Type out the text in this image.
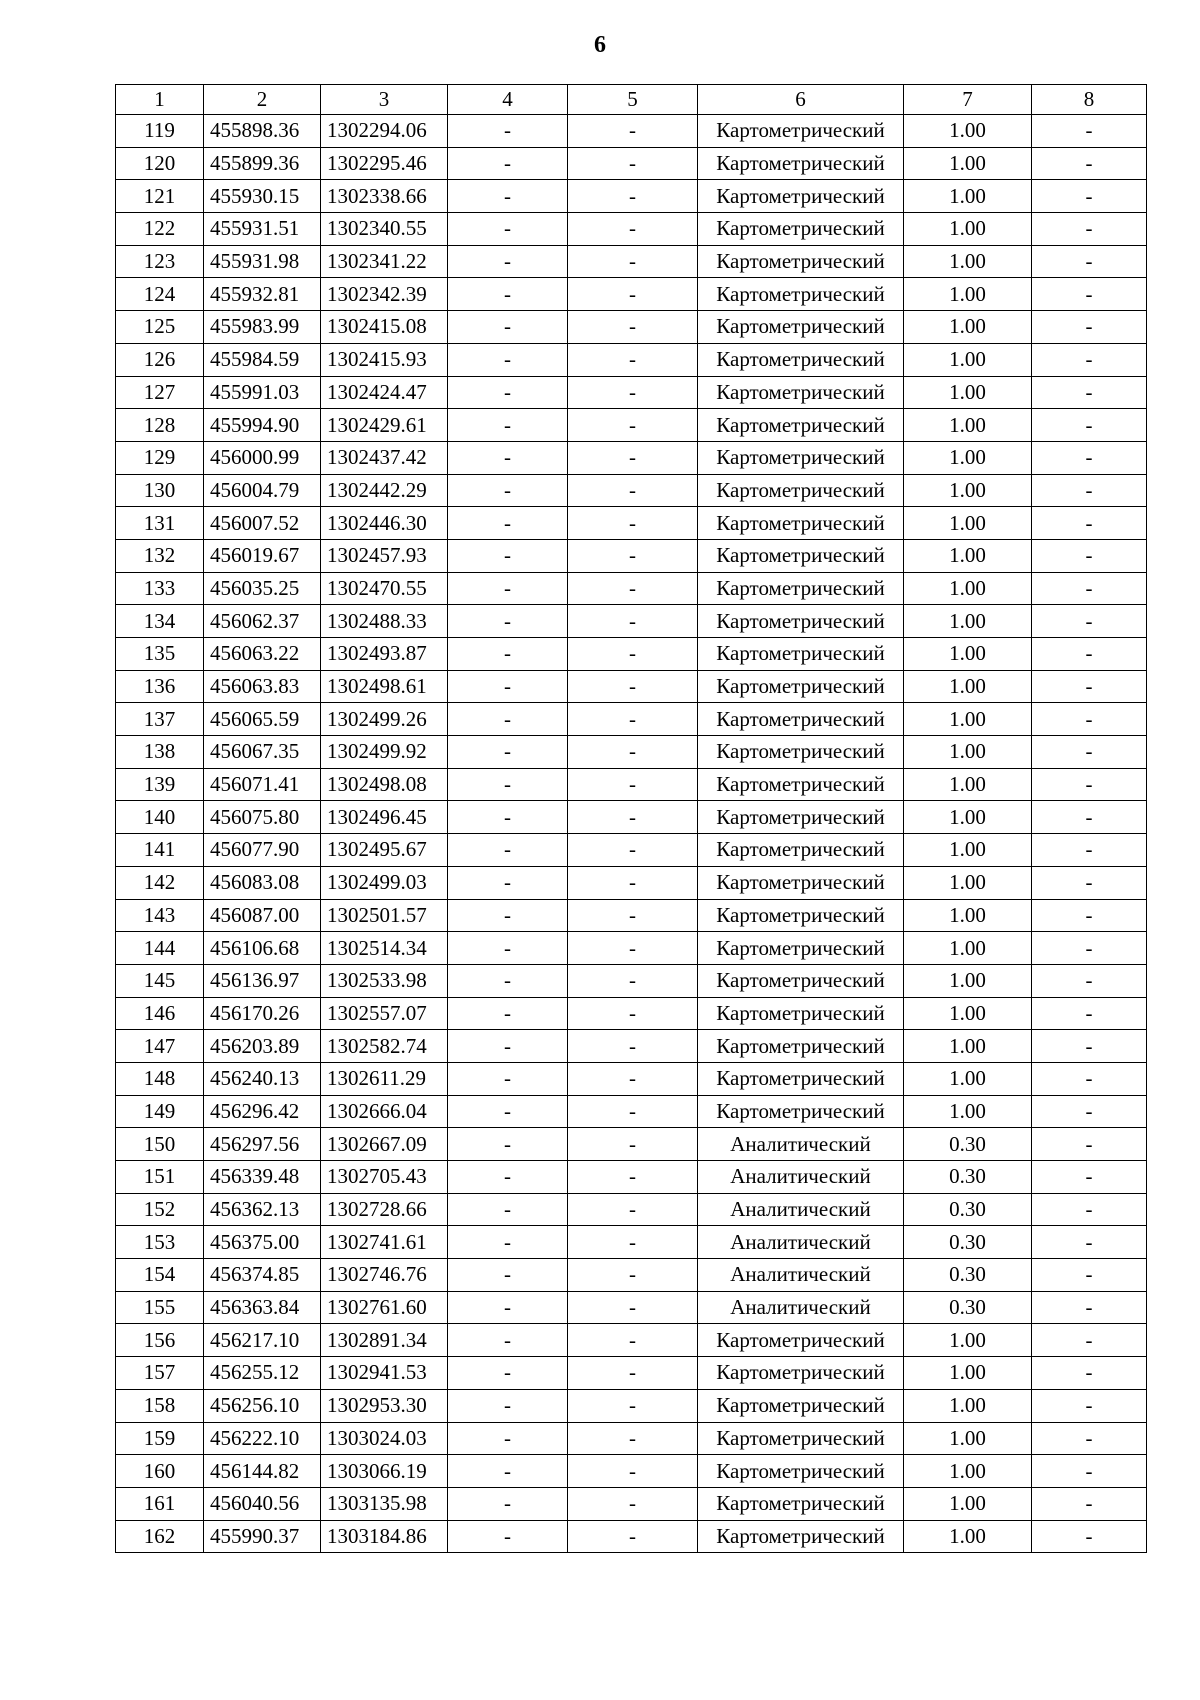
6
1	2	3	4	5	6	7	8
119	455898.36	1302294.06	-	-	Картометрический	1.00	-
120	455899.36	1302295.46	-	-	Картометрический	1.00	-
121	455930.15	1302338.66	-	-	Картометрический	1.00	-
122	455931.51	1302340.55	-	-	Картометрический	1.00	-
123	455931.98	1302341.22	-	-	Картометрический	1.00	-
124	455932.81	1302342.39	-	-	Картометрический	1.00	-
125	455983.99	1302415.08	-	-	Картометрический	1.00	-
126	455984.59	1302415.93	-	-	Картометрический	1.00	-
127	455991.03	1302424.47	-	-	Картометрический	1.00	-
128	455994.90	1302429.61	-	-	Картометрический	1.00	-
129	456000.99	1302437.42	-	-	Картометрический	1.00	-
130	456004.79	1302442.29	-	-	Картометрический	1.00	-
131	456007.52	1302446.30	-	-	Картометрический	1.00	-
132	456019.67	1302457.93	-	-	Картометрический	1.00	-
133	456035.25	1302470.55	-	-	Картометрический	1.00	-
134	456062.37	1302488.33	-	-	Картометрический	1.00	-
135	456063.22	1302493.87	-	-	Картометрический	1.00	-
136	456063.83	1302498.61	-	-	Картометрический	1.00	-
137	456065.59	1302499.26	-	-	Картометрический	1.00	-
138	456067.35	1302499.92	-	-	Картометрический	1.00	-
139	456071.41	1302498.08	-	-	Картометрический	1.00	-
140	456075.80	1302496.45	-	-	Картометрический	1.00	-
141	456077.90	1302495.67	-	-	Картометрический	1.00	-
142	456083.08	1302499.03	-	-	Картометрический	1.00	-
143	456087.00	1302501.57	-	-	Картометрический	1.00	-
144	456106.68	1302514.34	-	-	Картометрический	1.00	-
145	456136.97	1302533.98	-	-	Картометрический	1.00	-
146	456170.26	1302557.07	-	-	Картометрический	1.00	-
147	456203.89	1302582.74	-	-	Картометрический	1.00	-
148	456240.13	1302611.29	-	-	Картометрический	1.00	-
149	456296.42	1302666.04	-	-	Картометрический	1.00	-
150	456297.56	1302667.09	-	-	Аналитический	0.30	-
151	456339.48	1302705.43	-	-	Аналитический	0.30	-
152	456362.13	1302728.66	-	-	Аналитический	0.30	-
153	456375.00	1302741.61	-	-	Аналитический	0.30	-
154	456374.85	1302746.76	-	-	Аналитический	0.30	-
155	456363.84	1302761.60	-	-	Аналитический	0.30	-
156	456217.10	1302891.34	-	-	Картометрический	1.00	-
157	456255.12	1302941.53	-	-	Картометрический	1.00	-
158	456256.10	1302953.30	-	-	Картометрический	1.00	-
159	456222.10	1303024.03	-	-	Картометрический	1.00	-
160	456144.82	1303066.19	-	-	Картометрический	1.00	-
161	456040.56	1303135.98	-	-	Картометрический	1.00	-
162	455990.37	1303184.86	-	-	Картометрический	1.00	-
